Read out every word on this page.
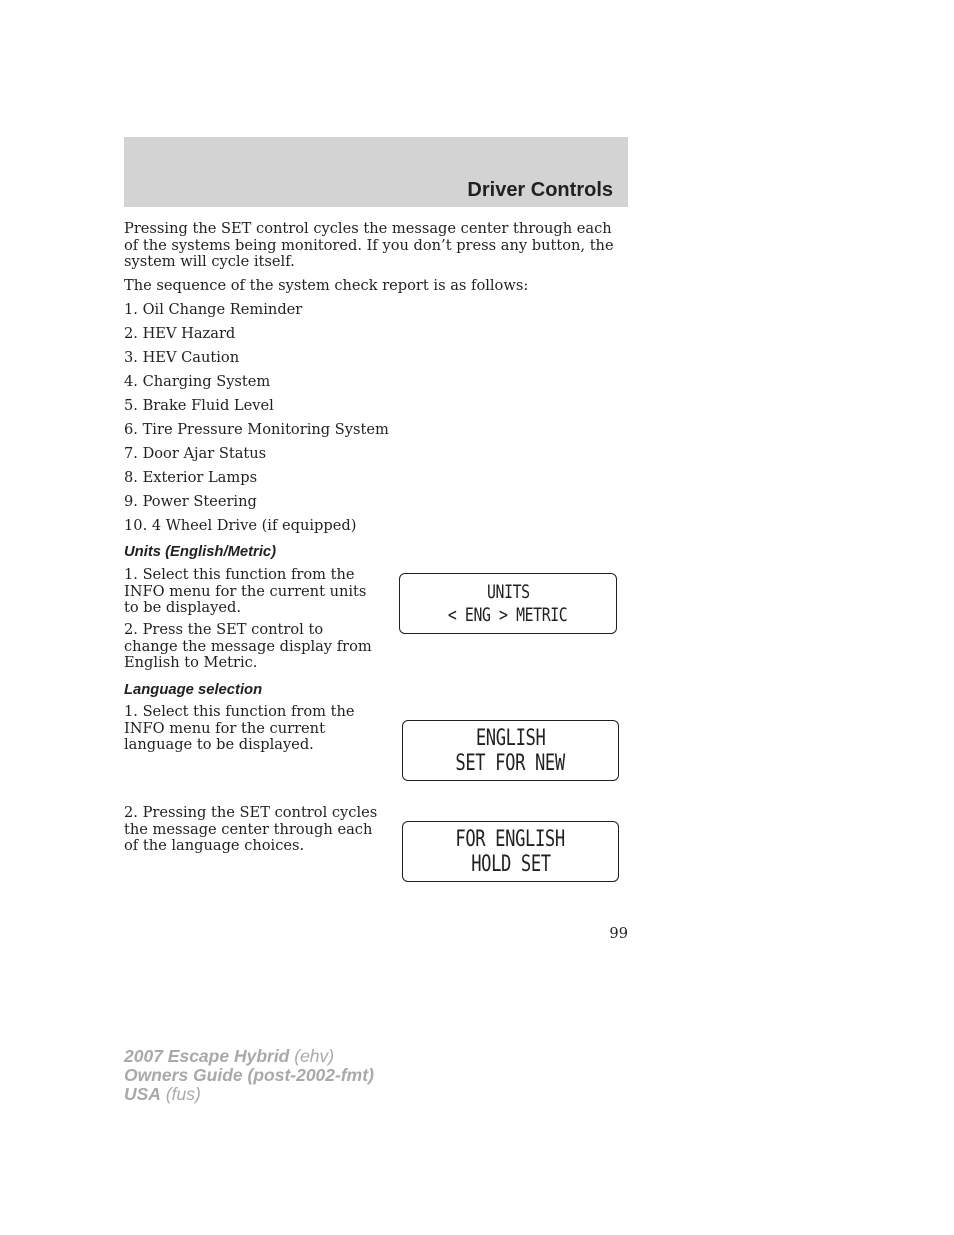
Driver Controls

Pressing the SET control cycles the message center through each of the systems being monitored. If you don’t press any button, the system will cycle itself.

The sequence of the system check report is as follows:

1. Oil Change Reminder
2. HEV Hazard
3. HEV Caution
4. Charging System
5. Brake Fluid Level
6. Tire Pressure Monitoring System
7. Door Ajar Status
8. Exterior Lamps
9. Power Steering
10. 4 Wheel Drive (if equipped)
Units (English/Metric)

1. Select this function from the INFO menu for the current units to be displayed.

2. Press the SET control to change the message display from English to Metric.

UNITS
< ENG > METRIC
Language selection

1. Select this function from the INFO menu for the current language to be displayed.

2. Pressing the SET control cycles the message center through each of the language choices.

ENGLISH
SET FOR NEW
FOR ENGLISH
HOLD SET
99
2007 Escape Hybrid (ehv)
Owners Guide (post-2002-fmt)
USA (fus)
